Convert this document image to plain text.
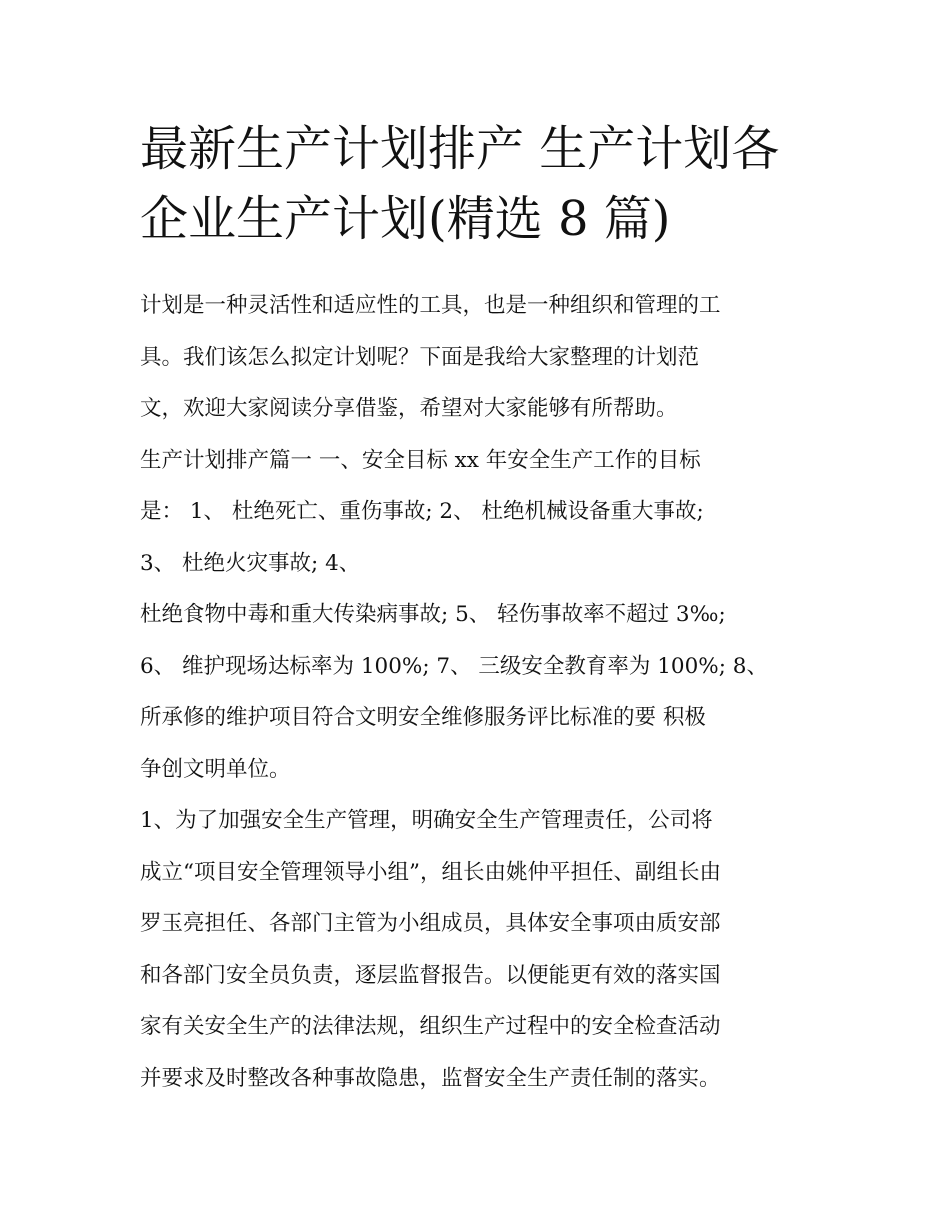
最新生产计划排产 生产计划各
企业生产计划(精选 8 篇)
计划是一种灵活性和适应性的工具，也是一种组织和管理的工
具。我们该怎么拟定计划呢？下面是我给大家整理的计划范
文，欢迎大家阅读分享借鉴，希望对大家能够有所帮助。
生产计划排产篇一 一、安全目标 xx 年安全生产工作的目标
是： 1、 杜绝死亡、重伤事故; 2、 杜绝机械设备重大事故;
3、 杜绝火灾事故; 4、
杜绝食物中毒和重大传染病事故; 5、 轻伤事故率不超过 3‰;
6、 维护现场达标率为 100%; 7、 三级安全教育率为 100%; 8、
所承修的维护项目符合文明安全维修服务评比标准的要 积极
争创文明单位。
1、为了加强安全生产管理，明确安全生产管理责任，公司将
成立“项目安全管理领导小组”，组长由姚仲平担任、副组长由
罗玉亮担任、各部门主管为小组成员，具体安全事项由质安部
和各部门安全员负责，逐层监督报告。以便能更有效的落实国
家有关安全生产的法律法规，组织生产过程中的安全检查活动
并要求及时整改各种事故隐患，监督安全生产责任制的落实。
